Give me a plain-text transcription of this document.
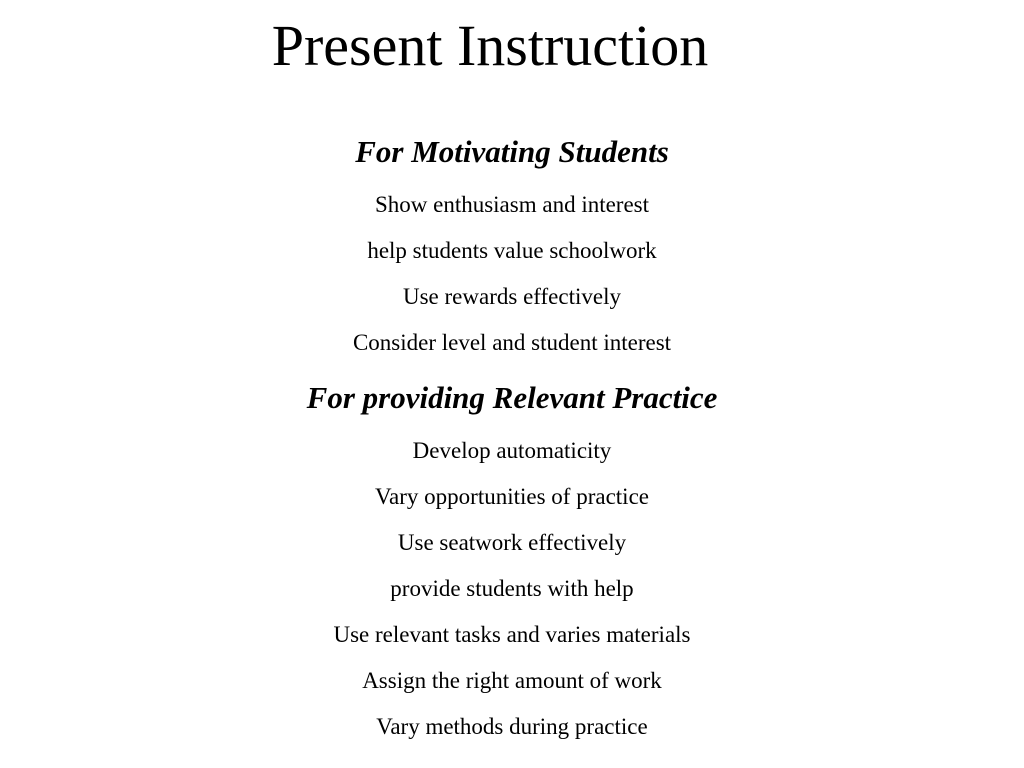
Present Instruction

For Motivating Students

Show enthusiasm and interest

help students value schoolwork

Use rewards effectively

Consider level and student interest

For providing Relevant Practice

Develop automaticity

Vary opportunities of practice

Use seatwork effectively

provide students with help

Use relevant tasks and varies materials

Assign the right amount of work

Vary methods during practice
